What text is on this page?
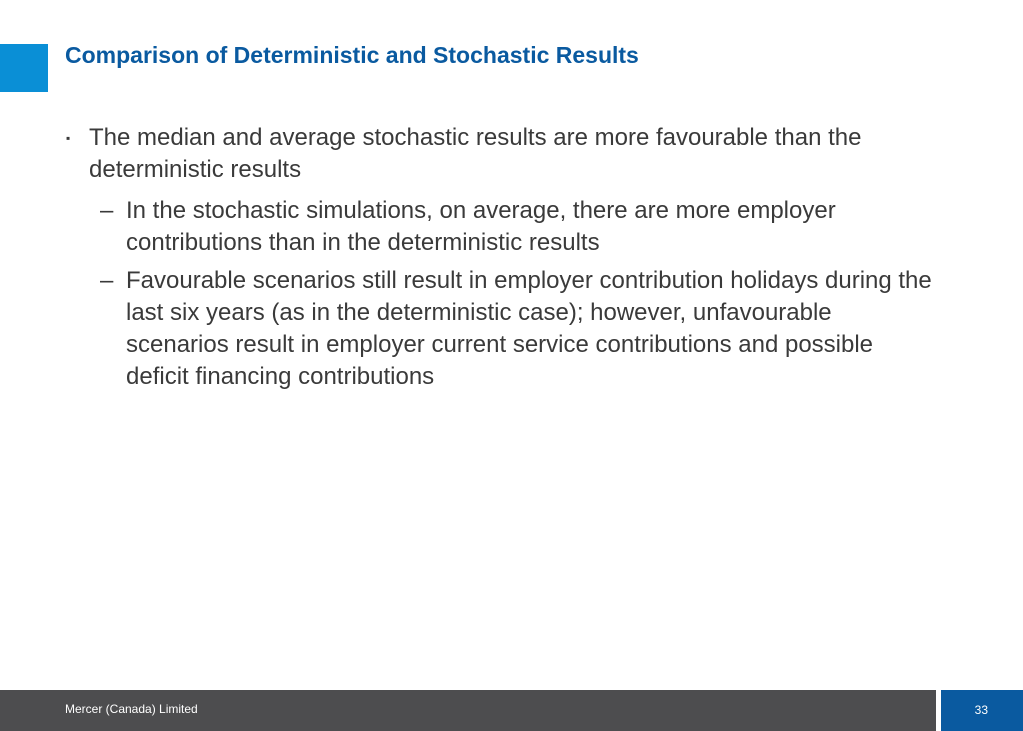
Comparison of Deterministic and Stochastic Results
▪ The median and average stochastic results are more favourable than the deterministic results
– In the stochastic simulations, on average, there are more employer contributions than in the deterministic results
– Favourable scenarios still result in employer contribution holidays during the last six years (as in the deterministic case); however, unfavourable scenarios result in employer current service contributions and possible deficit financing contributions
Mercer (Canada) Limited	33
